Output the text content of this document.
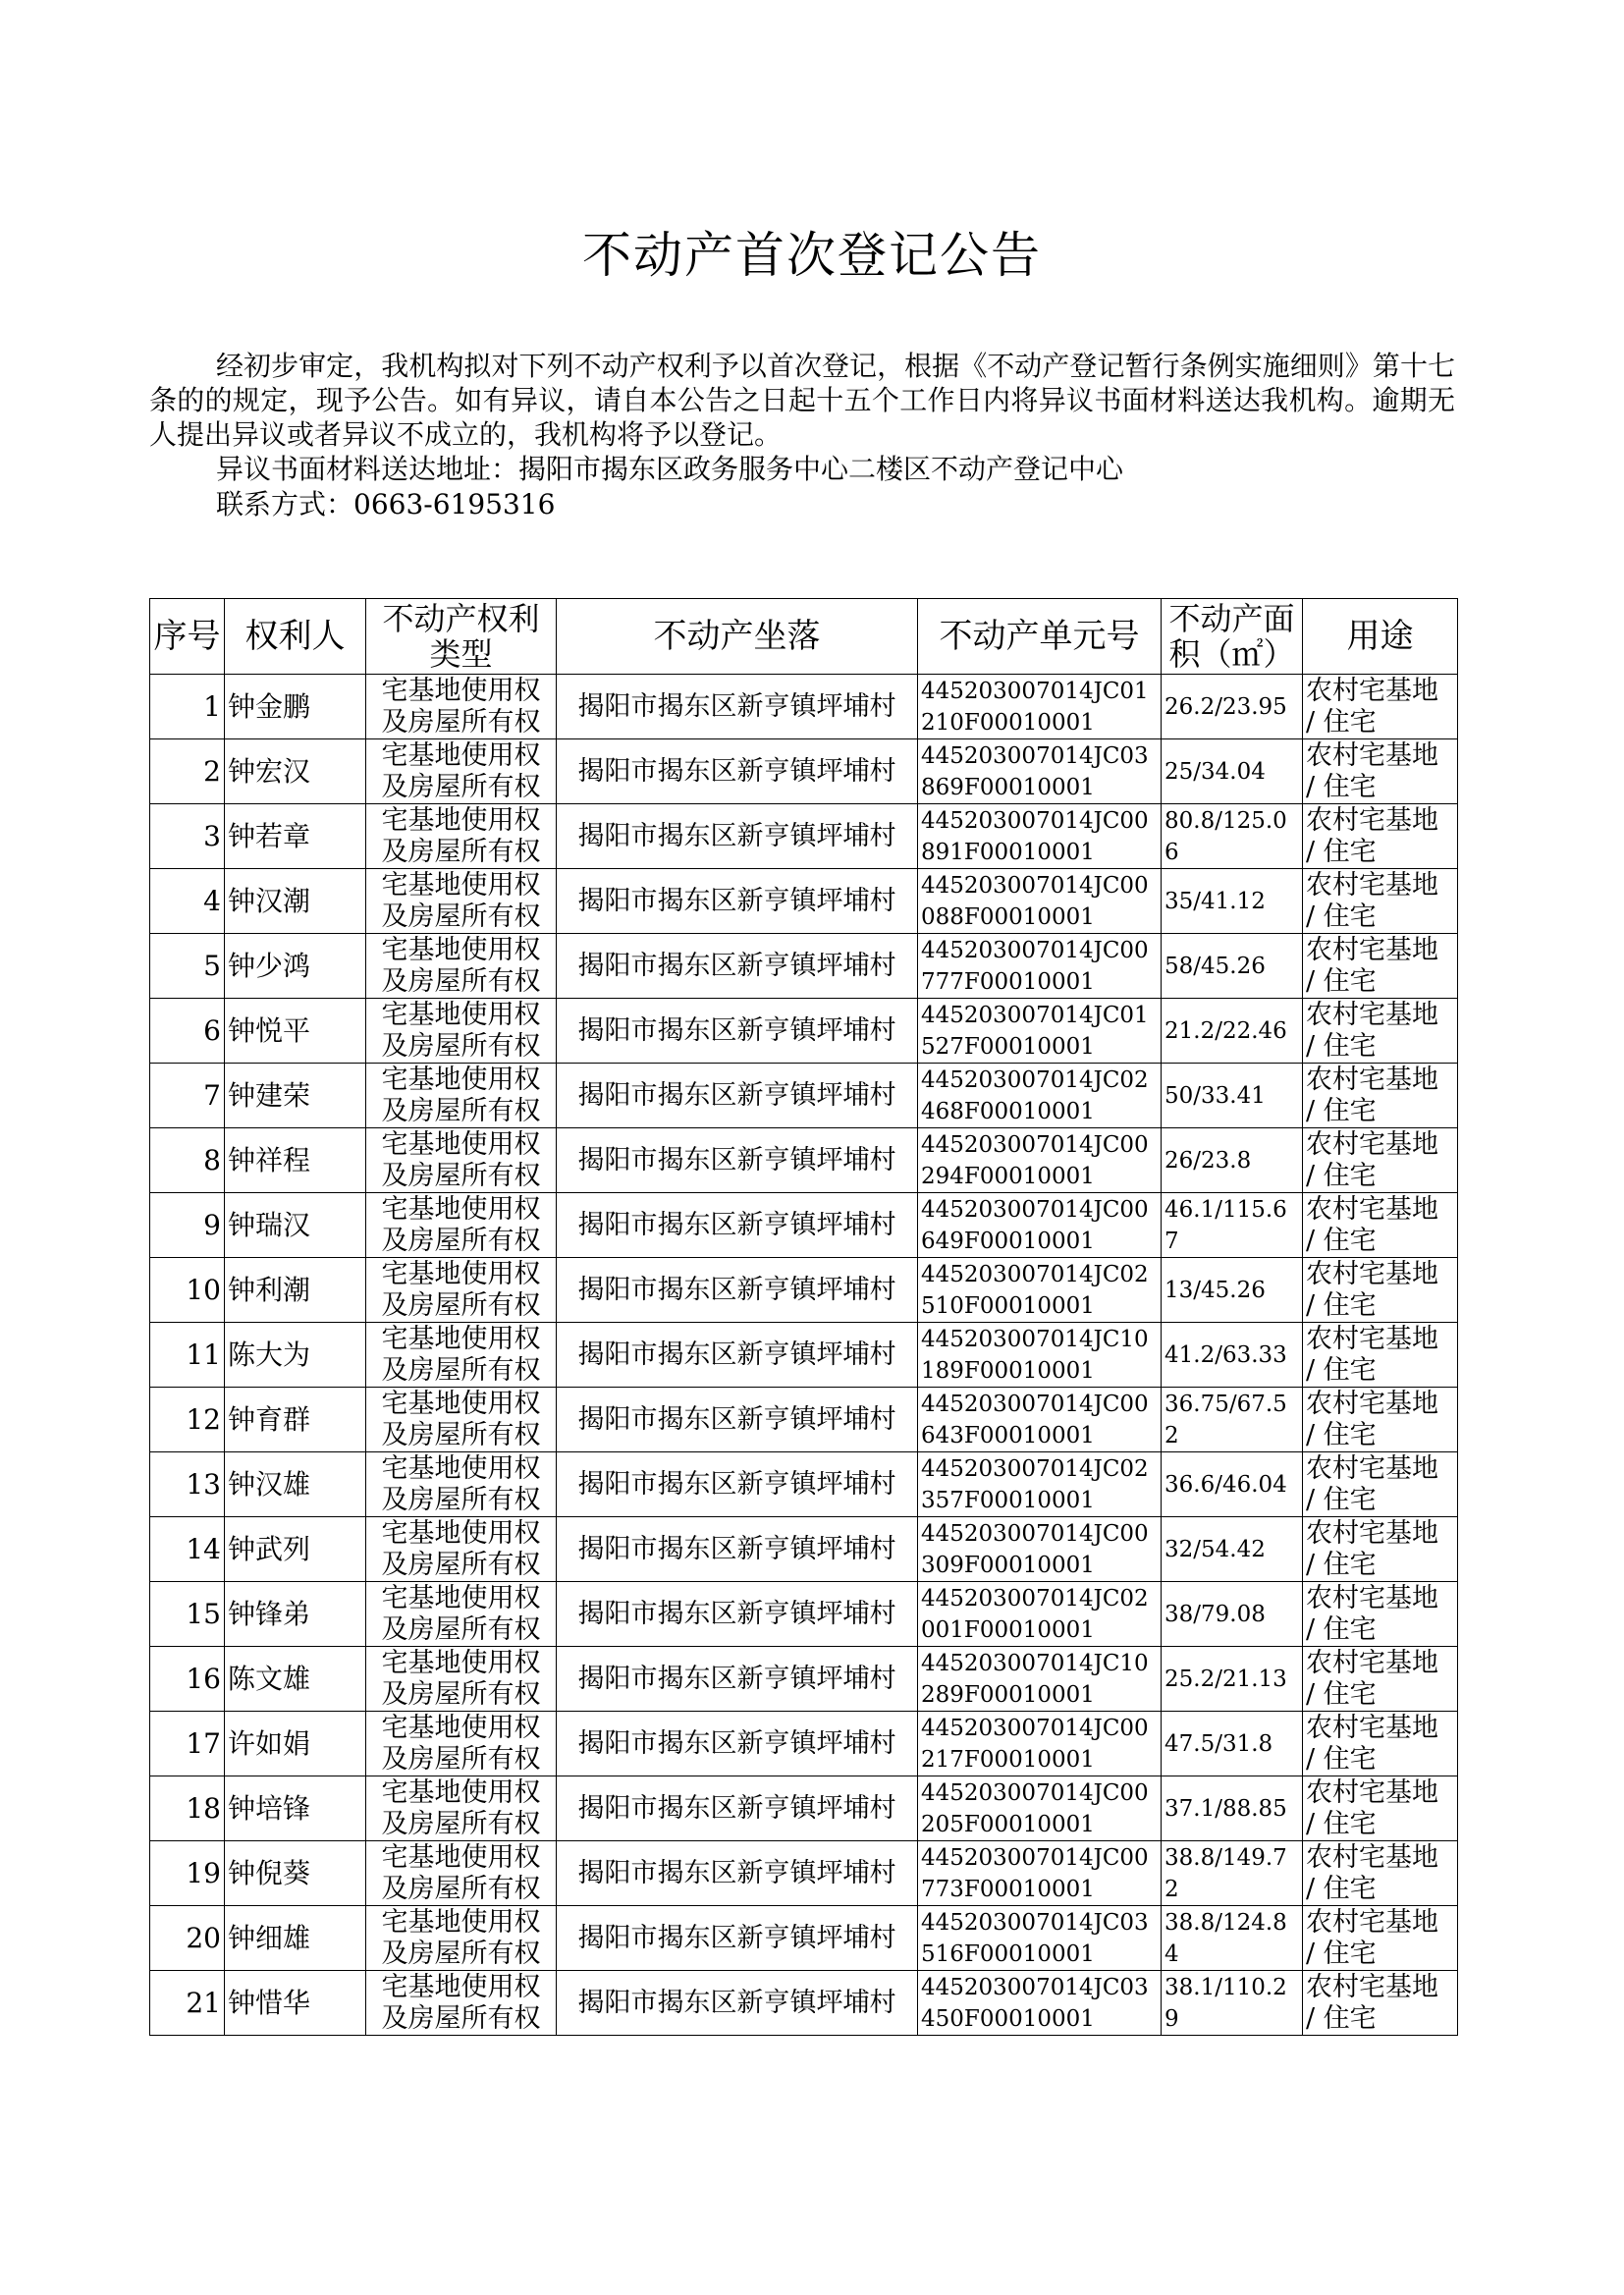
不动产首次登记公告
经初步审定，我机构拟对下列不动产权利予以首次登记，根据《不动产登记暂行条例实施细则》第十七条的的规定，现予公告。如有异议，请自本公告之日起十五个工作日内将异议书面材料送达我机构。逾期无人提出异议或者异议不成立的，我机构将予以登记。
异议书面材料送达地址：揭阳市揭东区政务服务中心二楼区不动产登记中心
联系方式：0663-6195316
序号	权利人	不动产权利类型	不动产坐落	不动产单元号	不动产面积（㎡）	用途
1	钟金鹏	宅基地使用权及房屋所有权	揭阳市揭东区新亨镇坪埔村	445203007014JC01210F00010001	26.2/23.95	农村宅基地 / 住宅
2	钟宏汉	宅基地使用权及房屋所有权	揭阳市揭东区新亨镇坪埔村	445203007014JC03869F00010001	25/34.04	农村宅基地 / 住宅
3	钟若章	宅基地使用权及房屋所有权	揭阳市揭东区新亨镇坪埔村	445203007014JC00891F00010001	80.8/125.06	农村宅基地 / 住宅
4	钟汉潮	宅基地使用权及房屋所有权	揭阳市揭东区新亨镇坪埔村	445203007014JC00088F00010001	35/41.12	农村宅基地 / 住宅
5	钟少鸿	宅基地使用权及房屋所有权	揭阳市揭东区新亨镇坪埔村	445203007014JC00777F00010001	58/45.26	农村宅基地 / 住宅
6	钟悦平	宅基地使用权及房屋所有权	揭阳市揭东区新亨镇坪埔村	445203007014JC01527F00010001	21.2/22.46	农村宅基地 / 住宅
7	钟建荣	宅基地使用权及房屋所有权	揭阳市揭东区新亨镇坪埔村	445203007014JC02468F00010001	50/33.41	农村宅基地 / 住宅
8	钟祥程	宅基地使用权及房屋所有权	揭阳市揭东区新亨镇坪埔村	445203007014JC00294F00010001	26/23.8	农村宅基地 / 住宅
9	钟瑞汉	宅基地使用权及房屋所有权	揭阳市揭东区新亨镇坪埔村	445203007014JC00649F00010001	46.1/115.67	农村宅基地 / 住宅
10	钟利潮	宅基地使用权及房屋所有权	揭阳市揭东区新亨镇坪埔村	445203007014JC02510F00010001	13/45.26	农村宅基地 / 住宅
11	陈大为	宅基地使用权及房屋所有权	揭阳市揭东区新亨镇坪埔村	445203007014JC10189F00010001	41.2/63.33	农村宅基地 / 住宅
12	钟育群	宅基地使用权及房屋所有权	揭阳市揭东区新亨镇坪埔村	445203007014JC00643F00010001	36.75/67.52	农村宅基地 / 住宅
13	钟汉雄	宅基地使用权及房屋所有权	揭阳市揭东区新亨镇坪埔村	445203007014JC02357F00010001	36.6/46.04	农村宅基地 / 住宅
14	钟武列	宅基地使用权及房屋所有权	揭阳市揭东区新亨镇坪埔村	445203007014JC00309F00010001	32/54.42	农村宅基地 / 住宅
15	钟锋弟	宅基地使用权及房屋所有权	揭阳市揭东区新亨镇坪埔村	445203007014JC02001F00010001	38/79.08	农村宅基地 / 住宅
16	陈文雄	宅基地使用权及房屋所有权	揭阳市揭东区新亨镇坪埔村	445203007014JC10289F00010001	25.2/21.13	农村宅基地 / 住宅
17	许如娟	宅基地使用权及房屋所有权	揭阳市揭东区新亨镇坪埔村	445203007014JC00217F00010001	47.5/31.8	农村宅基地 / 住宅
18	钟培锋	宅基地使用权及房屋所有权	揭阳市揭东区新亨镇坪埔村	445203007014JC00205F00010001	37.1/88.85	农村宅基地 / 住宅
19	钟倪葵	宅基地使用权及房屋所有权	揭阳市揭东区新亨镇坪埔村	445203007014JC00773F00010001	38.8/149.72	农村宅基地 / 住宅
20	钟细雄	宅基地使用权及房屋所有权	揭阳市揭东区新亨镇坪埔村	445203007014JC03516F00010001	38.8/124.84	农村宅基地 / 住宅
21	钟惜华	宅基地使用权及房屋所有权	揭阳市揭东区新亨镇坪埔村	445203007014JC03450F00010001	38.1/110.29	农村宅基地 / 住宅
